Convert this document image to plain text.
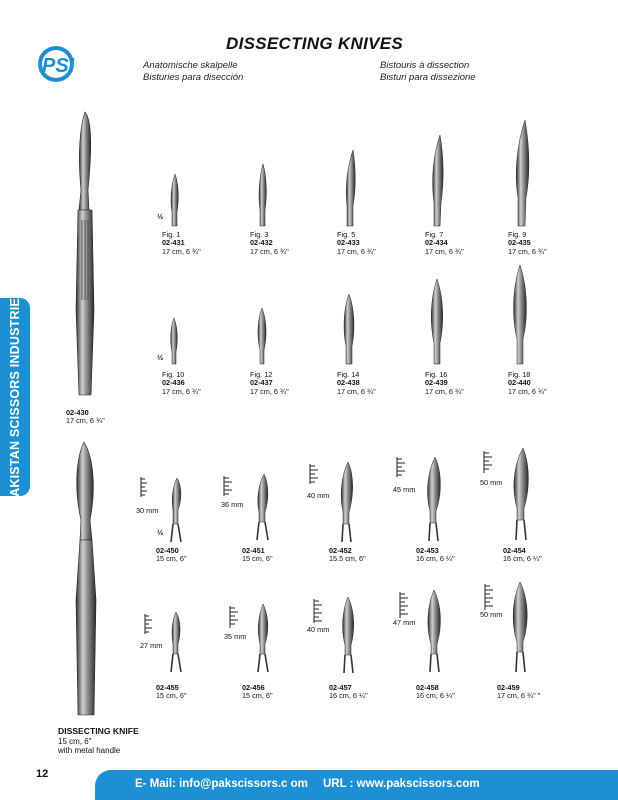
PSI
DISSECTING KNIVES
Anatomische skalpelle
Bisturies para disección
Bistouris à dissection
Bisturi para dissezione
PAKISTAN SCISSORS INDUSTRIES	02-430
17 cm, 6 ¾"
½
Fig. 1
02-431
17 cm, 6 ¾"
Fig. 3
02-432
17 cm, 6 ¾"
Fig. 5
02-433
17 cm, 6 ¾"
Fig. 7
02-434
17 cm, 6 ¾"
Fig. 9
02-435
17 cm, 6 ¾"
½
Fig. 10
02-436
17 cm, 6 ¾"
Fig. 12
02-437
17 cm, 6 ¾"
Fig. 14
02-438
17 cm, 6 ¾"
Fig. 16
02-439
17 cm, 6 ¾"
Fig. 18
02-440
17 cm, 6 ¾"
30 mm
½
36 mm
40 mm
45 mm
50 mm
02-450
15 cm, 6"
02-451
15 cm, 6"
02-452
15.5 cm, 6"
02-453
16 cm, 6 ¼"
02-454
16 cm, 6 ¼"
27 mm
35 mm
40 mm
47 mm
50 mm
02-455
15 cm, 6"
02-456
15 cm, 6"
02-457
16 cm, 6 ¼"
02-458
16 cm, 6 ¼"
02-459
17 cm, 6 ¾" "
DISSECTING KNIFE
15 cm, 6"
with metal handle
12
E- Mail: info@pakscissors.c om URL : www.pakscissors.com
